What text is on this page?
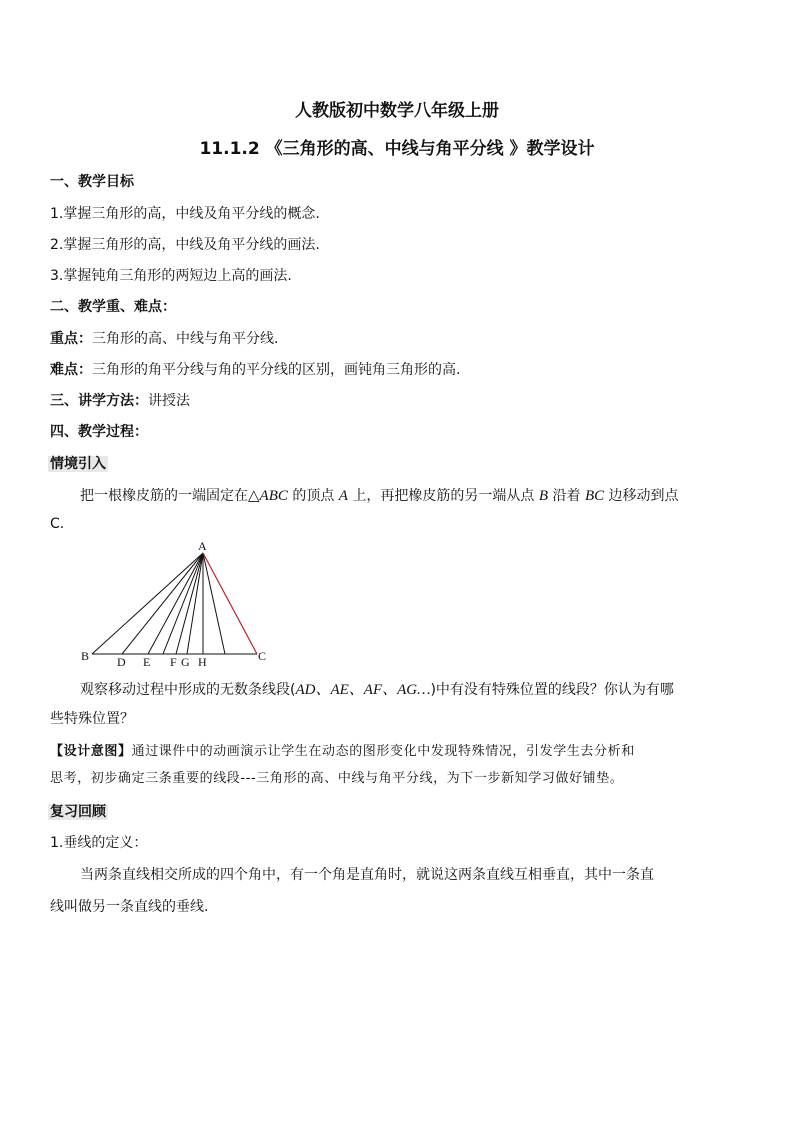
人教版初中数学八年级上册
11.1.2 《三角形的高、中线与角平分线 》教学设计
一、教学目标
1.掌握三角形的高，中线及角平分线的概念.
2.掌握三角形的高，中线及角平分线的画法.
3.掌握钝角三角形的两短边上高的画法.
二、教学重、难点：
重点：三角形的高、中线与角平分线.
难点：三角形的角平分线与角的平分线的区别，画钝角三角形的高.
三、讲学方法：讲授法
四、教学过程：
情境引入
把一根橡皮筋的一端固定在△ABC 的顶点 A 上，再把橡皮筋的另一端从点 B 沿着 BC 边移动到点
C.
A
B	C
D E F G H
观察移动过程中形成的无数条线段(AD、AE、AF、AG…)中有没有特殊位置的线段？你认为有哪
些特殊位置？
【设计意图】通过课件中的动画演示让学生在动态的图形变化中发现特殊情况，引发学生去分析和
思考，初步确定三条重要的线段---三角形的高、中线与角平分线，为下一步新知学习做好铺垫。
复习回顾
1.垂线的定义：
当两条直线相交所成的四个角中，有一个角是直角时，就说这两条直线互相垂直，其中一条直
线叫做另一条直线的垂线.
